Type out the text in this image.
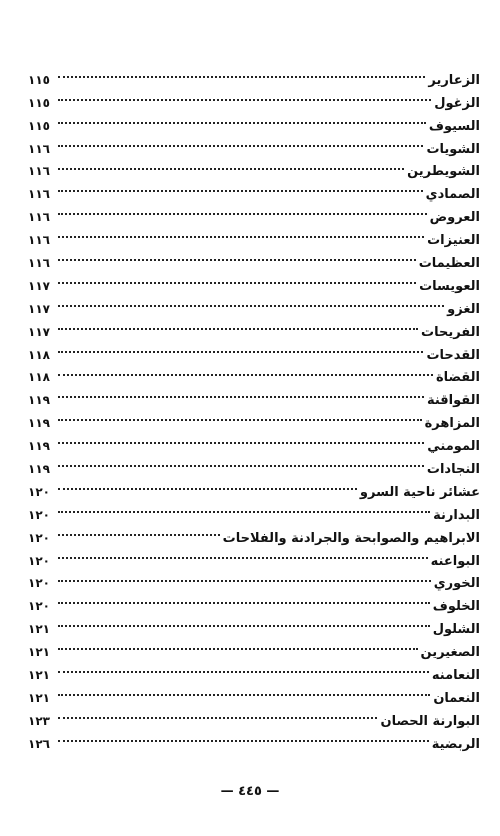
الزعارير
١١٥
الزغول
١١٥
السيوف
١١٥
الشويات
١١٦
الشويطرين
١١٦
الصمادي
١١٦
العروض
١١٦
العنيزات
١١٦
العظيمات
١١٦
العويسات
١١٧
الغزو
١١٧
الفريحات
١١٧
القدحات
١١٨
القضاة
١١٨
القواقنة
١١٩
المزاهرة
١١٩
المومني
١١٩
النجادات
١١٩
عشائر ناحية السرو
١٢٠
البدارنة
١٢٠
الابراهيم والصوابحة والجرادنة والفلاحات
١٢٠
البواعنه
١٢٠
الخوري
١٢٠
الخلوف
١٢٠
الشلول
١٢١
الصغيرين
١٢١
النعامنه
١٢١
النعمان
١٢١
البوارنة الحصان
١٢٣
الربضية
١٢٦
— ٤٤٥ —
